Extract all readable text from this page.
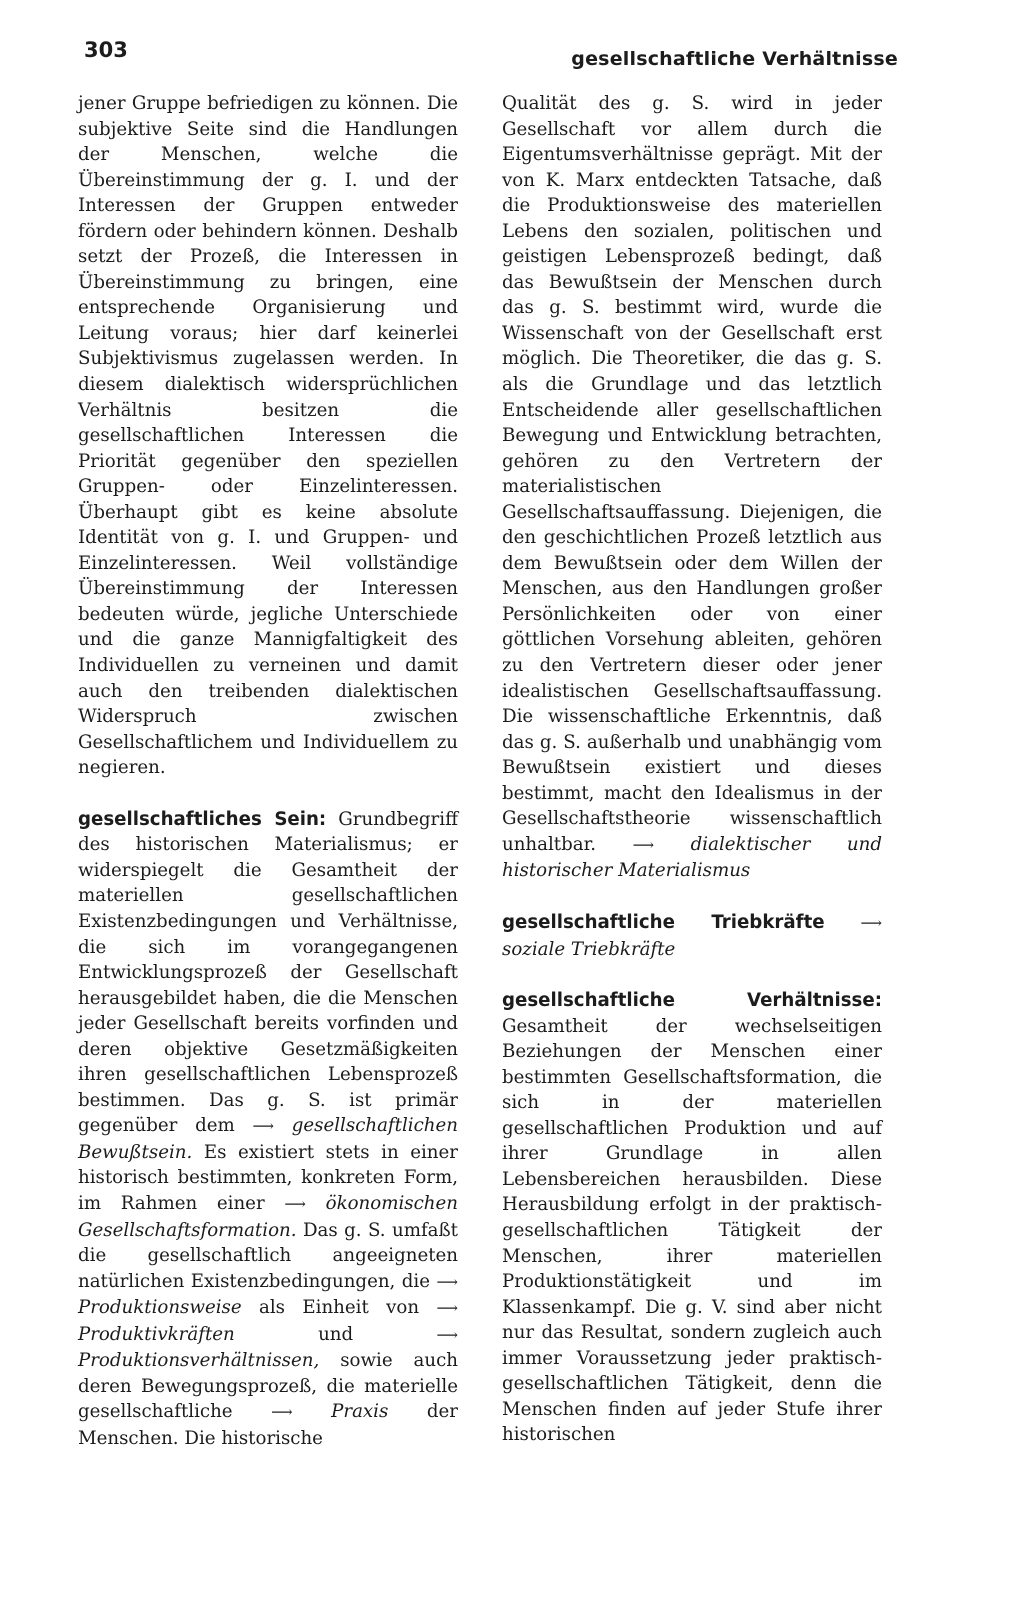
303	gesellschaftliche Verhältnisse

jener Gruppe befriedigen zu können. Die subjektive Seite sind die Handlungen der Menschen, welche die Übereinstimmung der g. I. und der Interessen der Gruppen entweder fördern oder behindern können. Deshalb setzt der Prozeß, die Interessen in Übereinstimmung zu bringen, eine entsprechende Organisierung und Leitung voraus; hier darf keinerlei Subjektivismus zugelassen werden. In diesem dialektisch widersprüchlichen Verhältnis besitzen die gesellschaftlichen Interessen die Priorität gegenüber den speziellen Gruppen- oder Einzelinteressen. Überhaupt gibt es keine absolute Identität von g. I. und Gruppen- und Einzelinteressen. Weil vollständige Übereinstimmung der Interessen bedeuten würde, jegliche Unterschiede und die ganze Mannigfaltigkeit des Individuellen zu verneinen und damit auch den treibenden dialektischen Widerspruch zwischen Gesellschaftlichem und Individuellem zu negieren.

gesellschaftliches Sein: Grundbegriff des historischen Materialismus; er widerspiegelt die Gesamtheit der materiellen gesellschaftlichen Existenzbedingungen und Verhältnisse, die sich im vorangegangenen Entwicklungsprozeß der Gesellschaft herausgebildet haben, die die Menschen jeder Gesellschaft bereits vorfinden und deren objektive Gesetzmäßigkeiten ihren gesellschaftlichen Lebensprozeß bestimmen. Das g. S. ist primär gegenüber dem ⟶ gesellschaftlichen Bewußtsein. Es existiert stets in einer historisch bestimmten, konkreten Form, im Rahmen einer ⟶ ökonomischen Gesellschaftsformation. Das g. S. umfaßt die gesellschaftlich angeeigneten natürlichen Existenzbedingungen, die ⟶ Produktionsweise als Einheit von ⟶ Produktivkräften	und	⟶ Produktionsverhältnissen, sowie auch deren Bewegungsprozeß, die materielle gesellschaftliche	⟶ Praxis der Menschen. Die historische

Qualität des g. S. wird in jeder Gesellschaft vor allem durch die Eigentumsverhältnisse geprägt. Mit der von K. Marx entdeckten Tatsache, daß die Produktionsweise des materiellen Lebens den sozialen, politischen und geistigen Lebensprozeß bedingt, daß das Bewußtsein der Menschen durch das g. S. bestimmt wird, wurde die Wissenschaft von der Gesellschaft erst möglich. Die Theoretiker, die das g. S. als die Grundlage und das letztlich Entscheidende aller gesellschaftlichen Bewegung und Entwicklung betrachten, gehören zu den Vertretern der materialistischen Gesellschaftsauffassung. Diejenigen, die den geschichtlichen Prozeß letztlich aus dem Bewußtsein oder dem Willen der Menschen, aus den Handlungen großer Persönlichkeiten oder von einer göttlichen Vorsehung ableiten, gehören zu den Vertretern dieser oder jener idealistischen Gesellschaftsauffassung. Die wissenschaftliche Erkenntnis, daß das g. S. außerhalb und unabhängig vom Bewußtsein existiert und dieses bestimmt, macht den Idealismus in der Gesellschaftstheorie wissenschaftlich unhaltbar. ⟶ dialektischer und historischer Materialismus

gesellschaftliche Triebkräfte ⟶ soziale Triebkräfte

gesellschaftliche Verhältnisse: Gesamtheit der wechselseitigen Beziehungen der Menschen einer bestimmten Gesellschaftsformation, die sich in der materiellen gesellschaftlichen Produktion und auf ihrer Grundlage in allen Lebensbereichen herausbilden. Diese Herausbildung erfolgt in der praktisch-gesellschaftlichen Tätigkeit der Menschen, ihrer materiellen Produktionstätigkeit und im Klassenkampf. Die g. V. sind aber nicht nur das Resultat, sondern zugleich auch immer Voraussetzung jeder praktisch-gesellschaftlichen Tätigkeit, denn die Menschen finden auf jeder Stufe ihrer historischen
